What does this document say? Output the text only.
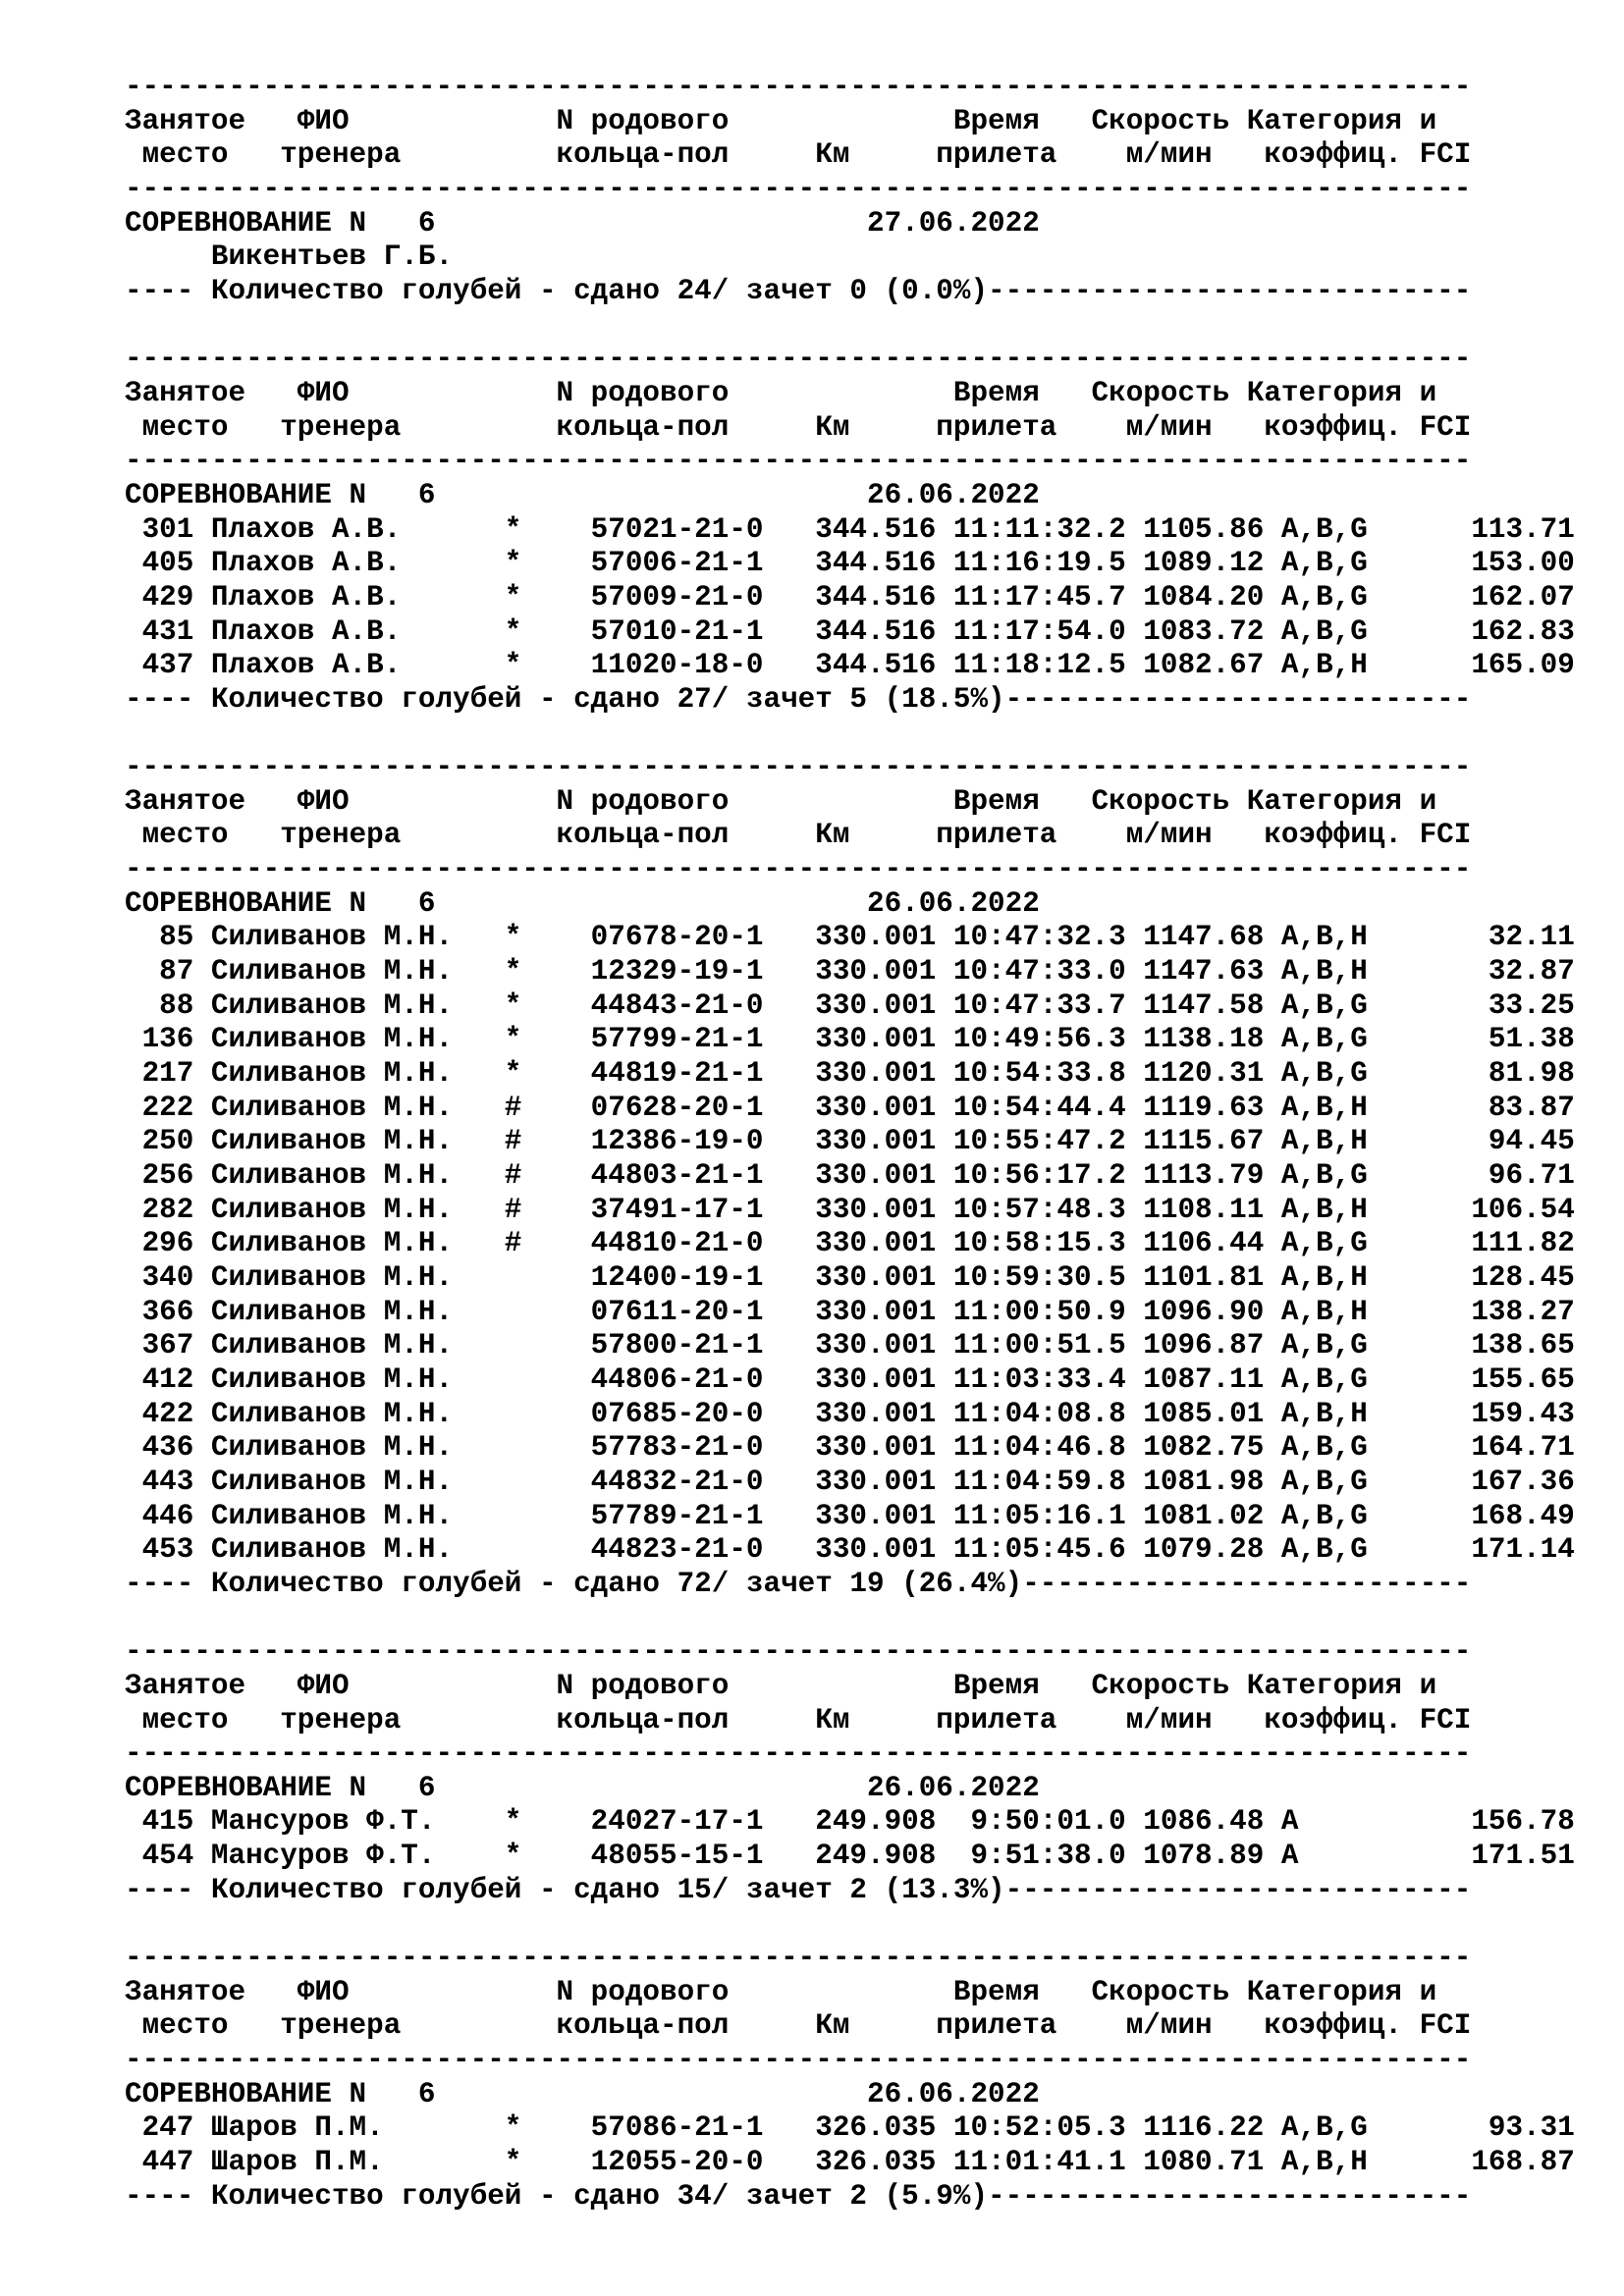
------------------------------------------------------------------------------
Занятое   ФИО            N родового             Время   Скорость Категория и
место   тренера         кольца-пол     Км     прилета    м/мин   коэффиц. FCI
------------------------------------------------------------------------------
СОРЕВНОВАНИЕ N   6                         27.06.2022
Викентьев Г.Б.
---- Количество голубей - сдано 24/ зачет 0 (0.0%)----------------------------
------------------------------------------------------------------------------
Занятое   ФИО            N родового             Время   Скорость Категория и
место   тренера         кольца-пол     Км     прилета    м/мин   коэффиц. FCI
------------------------------------------------------------------------------
СОРЕВНОВАНИЕ N   6                         26.06.2022
301 Плахов А.В.      *    57021-21-0   344.516 11:11:32.2 1105.86 A,B,G      113.71
405 Плахов А.В.      *    57006-21-1   344.516 11:16:19.5 1089.12 A,B,G      153.00
429 Плахов А.В.      *    57009-21-0   344.516 11:17:45.7 1084.20 A,B,G      162.07
431 Плахов А.В.      *    57010-21-1   344.516 11:17:54.0 1083.72 A,B,G      162.83
437 Плахов А.В.      *    11020-18-0   344.516 11:18:12.5 1082.67 A,B,H      165.09
---- Количество голубей - сдано 27/ зачет 5 (18.5%)---------------------------
------------------------------------------------------------------------------
Занятое   ФИО            N родового             Время   Скорость Категория и
место   тренера         кольца-пол     Км     прилета    м/мин   коэффиц. FCI
------------------------------------------------------------------------------
СОРЕВНОВАНИЕ N   6                         26.06.2022
85 Силиванов М.Н.   *    07678-20-1   330.001 10:47:32.3 1147.68 A,B,H       32.11
87 Силиванов М.Н.   *    12329-19-1   330.001 10:47:33.0 1147.63 A,B,H       32.87
88 Силиванов М.Н.   *    44843-21-0   330.001 10:47:33.7 1147.58 A,B,G       33.25
136 Силиванов М.Н.   *    57799-21-1   330.001 10:49:56.3 1138.18 A,B,G       51.38
217 Силиванов М.Н.   *    44819-21-1   330.001 10:54:33.8 1120.31 A,B,G       81.98
222 Силиванов М.Н.   #    07628-20-1   330.001 10:54:44.4 1119.63 A,B,H       83.87
250 Силиванов М.Н.   #    12386-19-0   330.001 10:55:47.2 1115.67 A,B,H       94.45
256 Силиванов М.Н.   #    44803-21-1   330.001 10:56:17.2 1113.79 A,B,G       96.71
282 Силиванов М.Н.   #    37491-17-1   330.001 10:57:48.3 1108.11 A,B,H      106.54
296 Силиванов М.Н.   #    44810-21-0   330.001 10:58:15.3 1106.44 A,B,G      111.82
340 Силиванов М.Н.        12400-19-1   330.001 10:59:30.5 1101.81 A,B,H      128.45
366 Силиванов М.Н.        07611-20-1   330.001 11:00:50.9 1096.90 A,B,H      138.27
367 Силиванов М.Н.        57800-21-1   330.001 11:00:51.5 1096.87 A,B,G      138.65
412 Силиванов М.Н.        44806-21-0   330.001 11:03:33.4 1087.11 A,B,G      155.65
422 Силиванов М.Н.        07685-20-0   330.001 11:04:08.8 1085.01 A,B,H      159.43
436 Силиванов М.Н.        57783-21-0   330.001 11:04:46.8 1082.75 A,B,G      164.71
443 Силиванов М.Н.        44832-21-0   330.001 11:04:59.8 1081.98 A,B,G      167.36
446 Силиванов М.Н.        57789-21-1   330.001 11:05:16.1 1081.02 A,B,G      168.49
453 Силиванов М.Н.        44823-21-0   330.001 11:05:45.6 1079.28 A,B,G      171.14
---- Количество голубей - сдано 72/ зачет 19 (26.4%)--------------------------
------------------------------------------------------------------------------
Занятое   ФИО            N родового             Время   Скорость Категория и
место   тренера         кольца-пол     Км     прилета    м/мин   коэффиц. FCI
------------------------------------------------------------------------------
СОРЕВНОВАНИЕ N   6                         26.06.2022
415 Мансуров Ф.Т.    *    24027-17-1   249.908  9:50:01.0 1086.48 A          156.78
454 Мансуров Ф.Т.    *    48055-15-1   249.908  9:51:38.0 1078.89 A          171.51
---- Количество голубей - сдано 15/ зачет 2 (13.3%)---------------------------
------------------------------------------------------------------------------
Занятое   ФИО            N родового             Время   Скорость Категория и
место   тренера         кольца-пол     Км     прилета    м/мин   коэффиц. FCI
------------------------------------------------------------------------------
СОРЕВНОВАНИЕ N   6                         26.06.2022
247 Шаров П.М.       *    57086-21-1   326.035 10:52:05.3 1116.22 A,B,G       93.31
447 Шаров П.М.       *    12055-20-0   326.035 11:01:41.1 1080.71 A,B,H      168.87
---- Количество голубей - сдано 34/ зачет 2 (5.9%)----------------------------
